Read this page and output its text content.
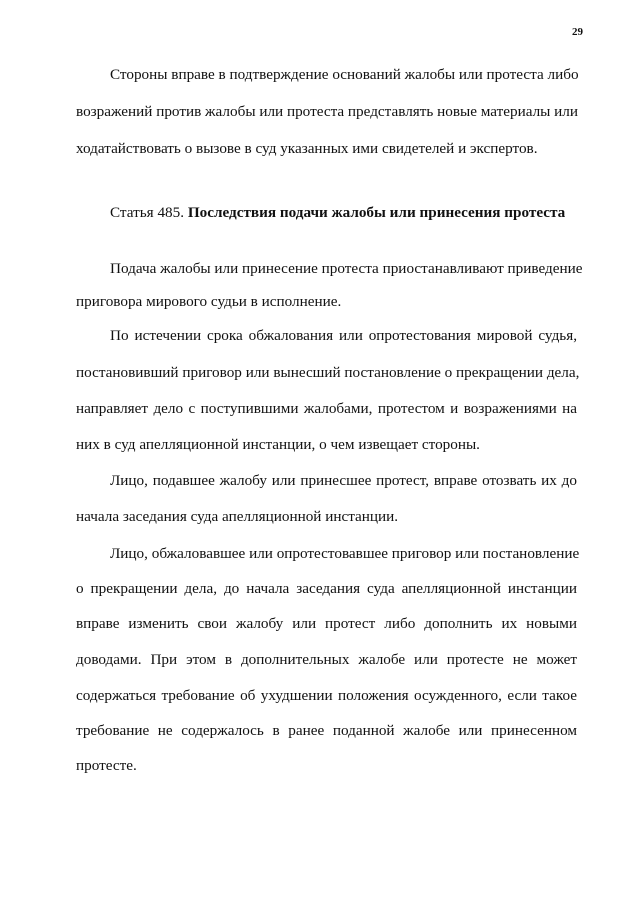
29
Стороны вправе в подтверждение оснований жалобы или протеста либо
возражений против жалобы или протеста представлять новые материалы или
ходатайствовать о вызове в суд указанных ими свидетелей и экспертов.
Статья 485. Последствия подачи жалобы или принесения протеста
Подача жалобы или принесение протеста приостанавливают приведение
приговора мирового судьи в исполнение.
По истечении срока обжалования или опротестования мировой судья,
постановивший приговор или вынесший постановление о прекращении дела,
направляет дело с поступившими жалобами, протестом и возражениями на
них в суд апелляционной инстанции, о чем извещает стороны.
Лицо, подавшее жалобу или принесшее протест, вправе отозвать их до
начала заседания суда апелляционной инстанции.
Лицо, обжаловавшее или опротестовавшее приговор или постановление
о прекращении дела, до начала заседания суда апелляционной инстанции
вправе изменить свои жалобу или протест либо дополнить их новыми
доводами. При этом в дополнительных жалобе или протесте не может
содержаться требование об ухудшении положения осужденного, если такое
требование не содержалось в ранее поданной жалобе или принесенном
протесте.
